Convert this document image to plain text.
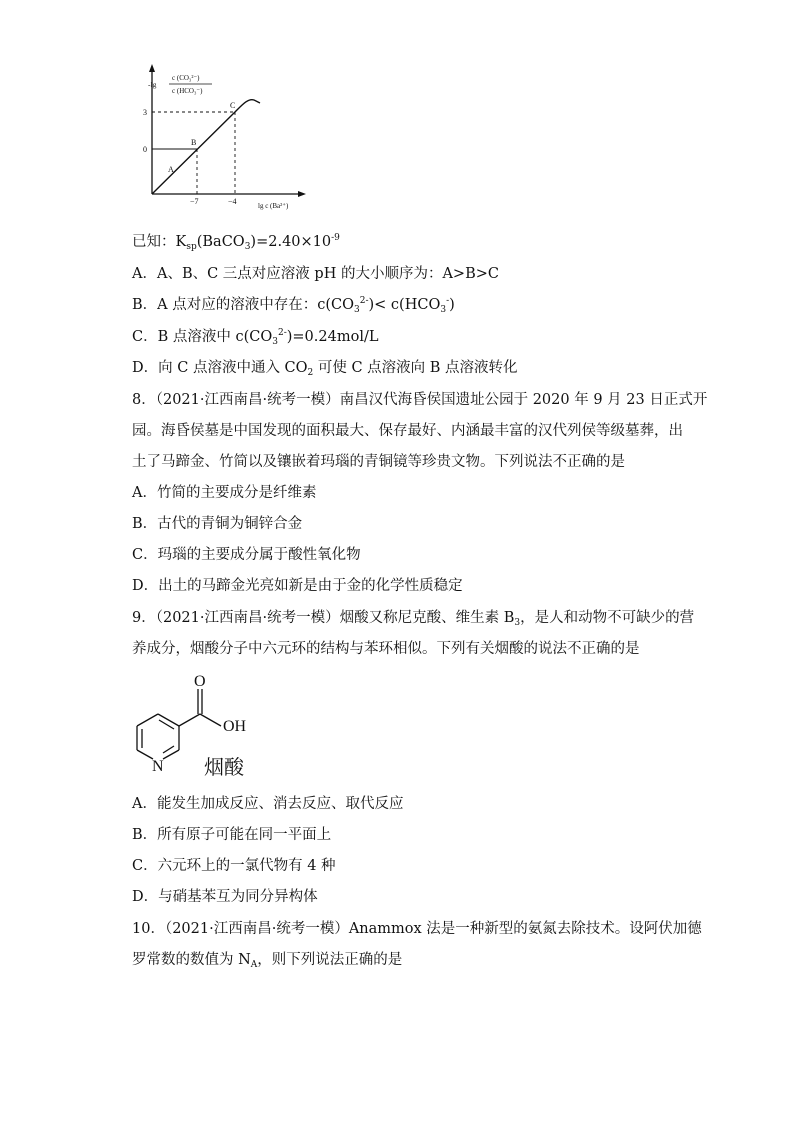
-lg
c (CO₃²⁻)
c (HCO₃⁻)
3
0
−7	−4	lg c (Ba²⁺)
A
B
C
已知：$K_{sp}(BaCO_3)=2.40\times 10^{-9}$
A．A、B、C 三点对应溶液 pH 的大小顺序为：A>B>C
B．A 点对应的溶液中存在：$c(CO_3^{2-})< c(HCO_3^-)$
C．B 点溶液中 $c(CO_3^{2-})=0.24mol/L$
D．向 C 点溶液中通入 $CO_2$ 可使 C 点溶液向 B 点溶液转化
8．（2021·江西南昌·统考一模）南昌汉代海昏侯国遗址公园于 2020 年 9 月 23 日正式开
园。海昏侯墓是中国发现的面积最大、保存最好、内涵最丰富的汉代列侯等级墓葬，出
土了马蹄金、竹简以及镶嵌着玛瑙的青铜镜等珍贵文物。下列说法不正确的是
A．竹简的主要成分是纤维素
B．古代的青铜为铜锌合金
C．玛瑙的主要成分属于酸性氧化物
D．出土的马蹄金光亮如新是由于金的化学性质稳定
9．（2021·江西南昌·统考一模）烟酸又称尼克酸、维生素 $B_3$，是人和动物不可缺少的营
养成分，烟酸分子中六元环的结构与苯环相似。下列有关烟酸的说法不正确的是
O
OH
N 烟酸
A．能发生加成反应、消去反应、取代反应
B．所有原子可能在同一平面上
C．六元环上的一氯代物有 4 种
D．与硝基苯互为同分异构体
10．（2021·江西南昌·统考一模）Anammox 法是一种新型的氨氮去除技术。设阿伏加德
罗常数的数值为 $N_A$，则下列说法正确的是
